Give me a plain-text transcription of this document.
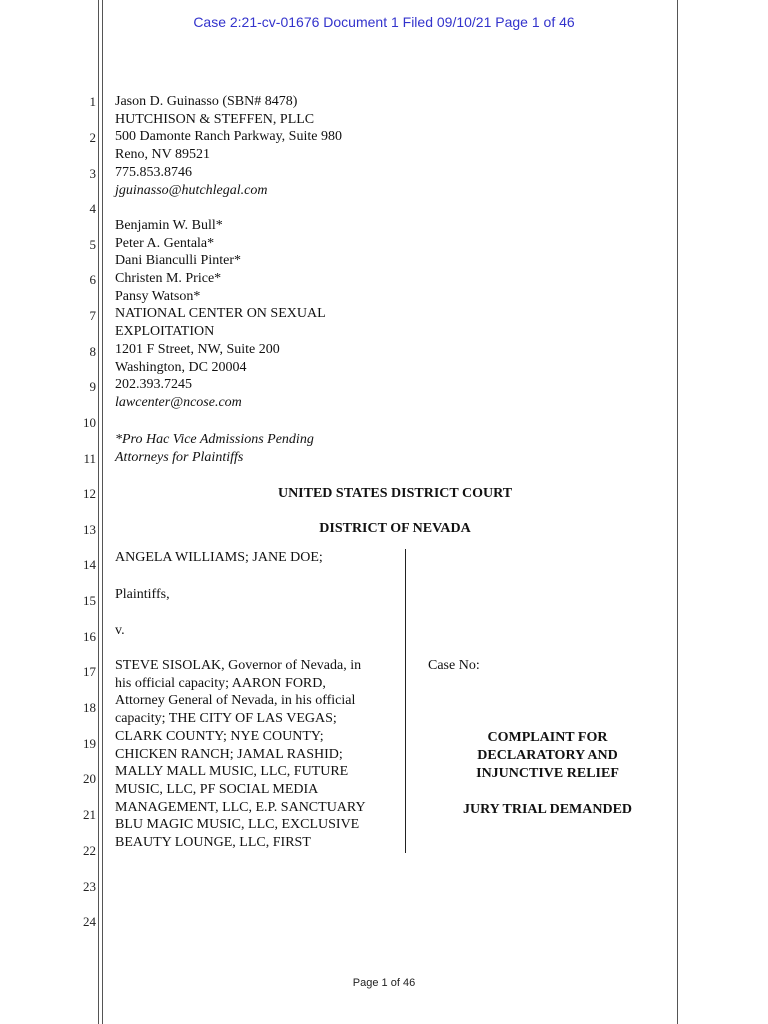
Case 2:21-cv-01676 Document 1 Filed 09/10/21 Page 1 of 46
1
2
3
4
5
6
7
8
9
10
11
12
13
14
15
16
17
18
19
20
21
22
23
24
Jason D. Guinasso (SBN# 8478)
HUTCHISON & STEFFEN, PLLC
500 Damonte Ranch Parkway, Suite 980
Reno, NV 89521
775.853.8746
jguinasso@hutchlegal.com
Benjamin W. Bull*
Peter A. Gentala*
Dani Bianculli Pinter*
Christen M. Price*
Pansy Watson*
NATIONAL CENTER ON SEXUAL
EXPLOITATION
1201 F Street, NW, Suite 200
Washington, DC 20004
202.393.7245
lawcenter@ncose.com
*Pro Hac Vice Admissions Pending
Attorneys for Plaintiffs
UNITED STATES DISTRICT COURT
DISTRICT OF NEVADA
ANGELA WILLIAMS; JANE DOE;
Plaintiffs,
v.
STEVE SISOLAK, Governor of Nevada, in
his official capacity; AARON FORD,
Attorney General of Nevada, in his official
capacity; THE CITY OF LAS VEGAS;
CLARK COUNTY; NYE COUNTY;
CHICKEN RANCH; JAMAL RASHID;
MALLY MALL MUSIC, LLC, FUTURE
MUSIC, LLC, PF SOCIAL MEDIA
MANAGEMENT, LLC, E.P. SANCTUARY
BLU MAGIC MUSIC, LLC, EXCLUSIVE
BEAUTY LOUNGE, LLC, FIRST
Case No:
COMPLAINT FOR
DECLARATORY AND
INJUNCTIVE RELIEF
JURY TRIAL DEMANDED
Page 1 of 46
